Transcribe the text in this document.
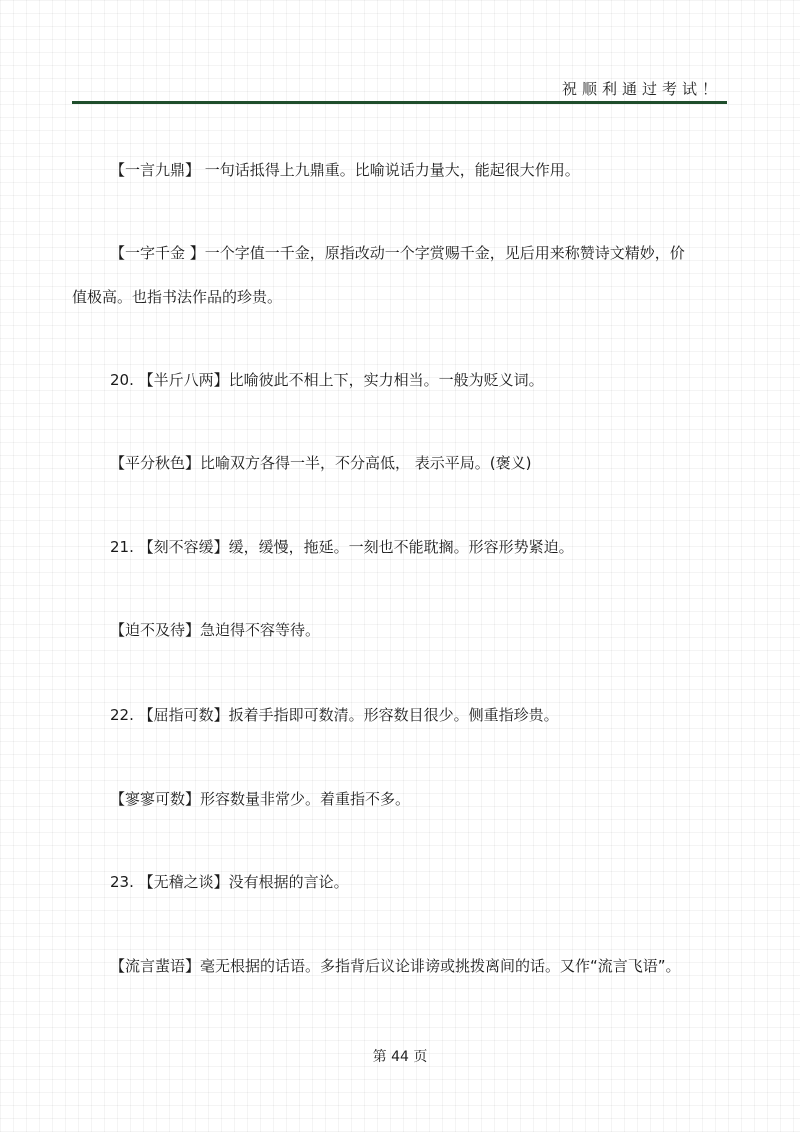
祝顺利通过考试！
【一言九鼎】 一句话抵得上九鼎重。比喻说话力量大，能起很大作用。
【一字千金 】一个字值一千金，原指改动一个字赏赐千金，见后用来称赞诗文精妙，价
值极高。也指书法作品的珍贵。
20. 【半斤八两】比喻彼此不相上下，实力相当。一般为贬义词。
【平分秋色】比喻双方各得一半，不分高低， 表示平局。(褒义)
21. 【刻不容缓】缓，缓慢，拖延。一刻也不能耽搁。形容形势紧迫。
【迫不及待】急迫得不容等待。
22. 【屈指可数】扳着手指即可数清。形容数目很少。侧重指珍贵。
【寥寥可数】形容数量非常少。着重指不多。
23. 【无稽之谈】没有根据的言论。
【流言蜚语】毫无根据的话语。多指背后议论诽谤或挑拨离间的话。又作“流言飞语”。
第 44 页
